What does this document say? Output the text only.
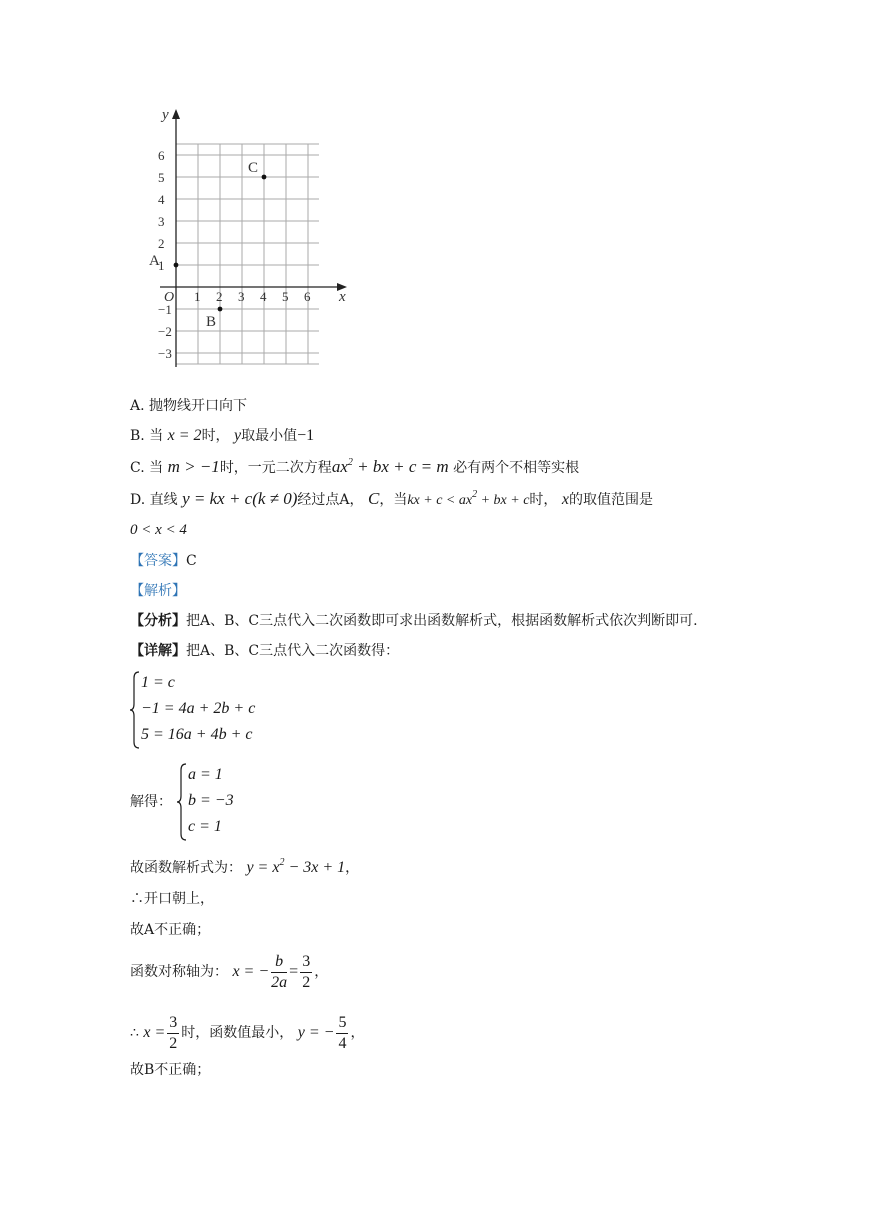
y
x
O 1 2 3 4 5 6
6
5
4
3
2
1
−1
−2
−3
A
B
C
A. 抛物线开口向下
B. 当 x = 2时， y取最小值−1
C. 当 m > −1时，一元二次方程$ax^2$ + bx + c = m 必有两个不相等实根
D. 直线 y = kx + c(k ≠ 0)经过点A， C，当kx + $c < ax^2$ + bx + c时， x的取值范围是
0 < x < 4
【答案】C
【解析】
【分析】把A、B、C三点代入二次函数即可求出函数解析式，根据函数解析式依次判断即可.
【详解】把A、B、C三点代入二次函数得：
1 = c
−1 = 4a + 2b + c
5 = 16a + 4b + c
解得：
a = 1
b = −3
c = 1
故函数解析式为： $y = x^2 - 3x + 1$，
∴开口朝上，
故A不正确；
函数对称轴为： x = − $\frac{b}{2a} = \frac{3}{2}$ ，
∴ $x = \frac{3}{2}$ 时，函数值最小， y = − $\frac{5}{4}$ ，
故B不正确；
